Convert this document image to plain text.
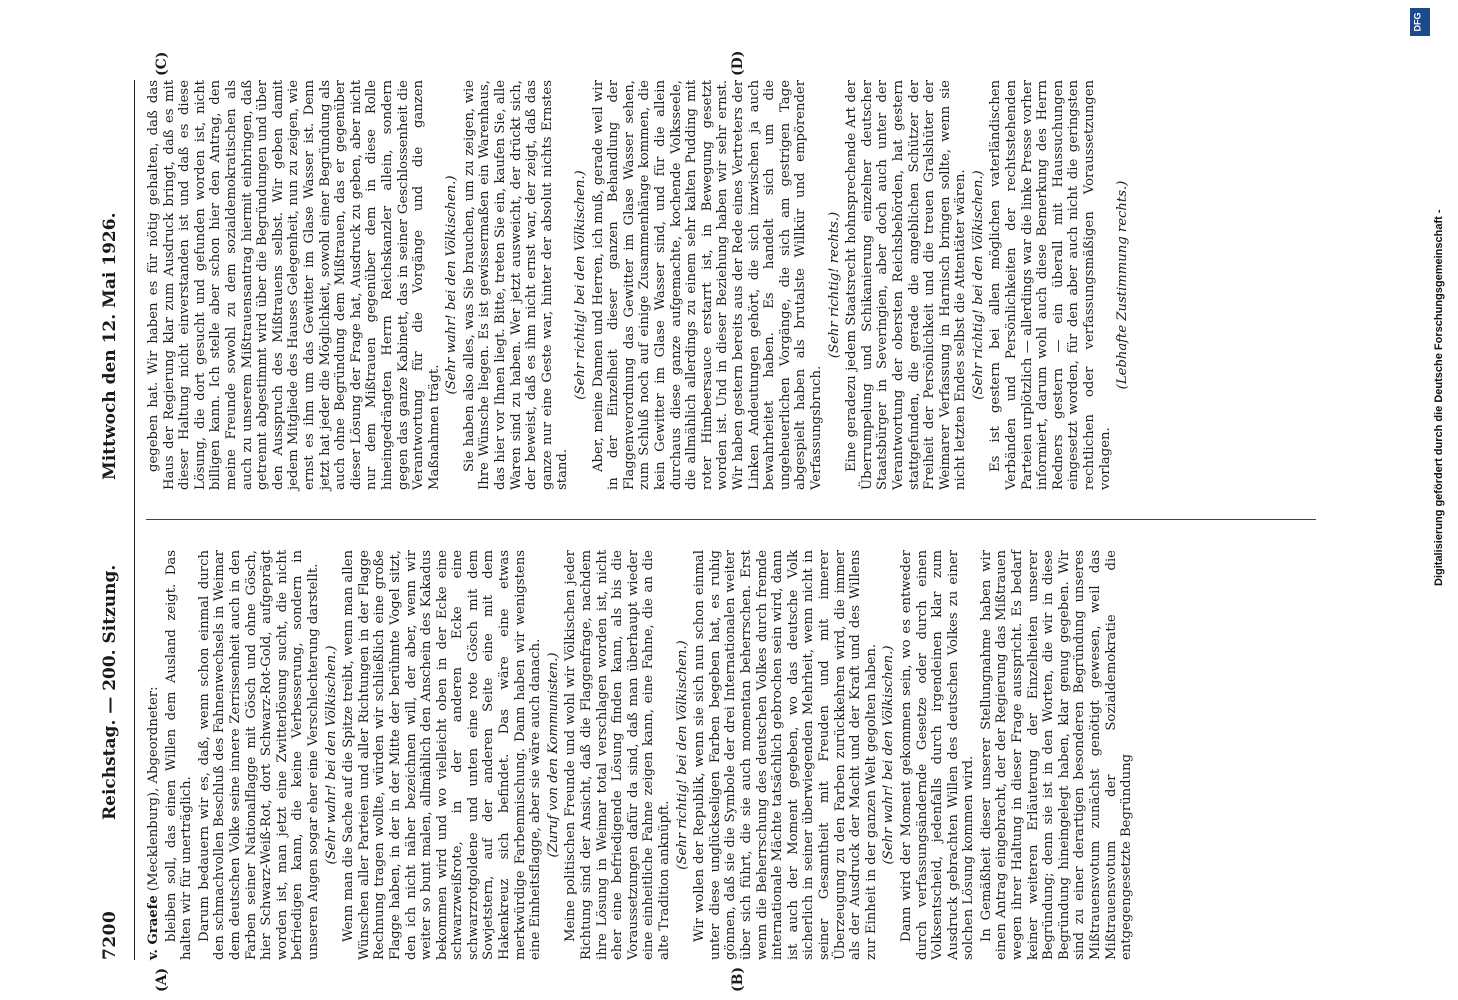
7200
Reichstag. — 200. Sitzung.
Mittwoch den 12. Mai 1926.
(A)	(B)
(C)	(D)

v. Graefe (Mecklenburg), Abgeordneter: bleiben soll, das einen Willen dem Ausland zeigt. Das halten wir für unerträglich. Darum bedauern wir es, daß, wenn schon einmal durch den schmachvollen Beschluß des Fahnenwechsels in Weimar dem deutschen Volke seine innere Zerrissenheit auch in den Farben seiner Nationalflagge mit Gösch und ohne Gösch, hier Schwarz-Weiß-Rot, dort Schwarz-Rot-Gold, aufgeprägt worden ist, man jetzt eine Zwitterlösung sucht, die nicht befriedigen kann, die keine Verbesserung, sondern in unseren Augen sogar eher eine Verschlechterung darstellt. (Sehr wahr! bei den Völkischen.) Wenn man die Sache auf die Spitze treibt, wenn man allen Wünschen aller Parteien und aller Richtungen in der Flagge Rechnung tragen wollte, würden wir schließlich eine große Flagge haben, in der in der Mitte der berühmte Vogel sitzt, den ich nicht näher bezeichnen will, der aber, wenn wir weiter so bunt malen, allmählich den Anschein des Kakadus bekommen wird und wo vielleicht oben in der Ecke eine schwarzweißrote, in der anderen Ecke eine schwarzrotgoldene und unten eine rote Gösch mit dem Sowjetstern, auf der anderen Seite eine mit dem Hakenkreuz sich befindet. Das wäre eine etwas merkwürdige Farbenmischung. Dann haben wir wenigstens eine Einheitsflagge, aber sie wäre auch danach. (Zuruf von den Kommunisten.) Meine politischen Freunde und wohl wir Völkischen jeder Richtung sind der Ansicht, daß die Flaggenfrage, nachdem ihre Lösung in Weimar total verschlagen worden ist, nicht eher eine befriedigende Lösung finden kann, als bis die Voraussetzungen dafür da sind, daß man überhaupt wieder eine einheitliche Fahne zeigen kann, eine Fahne, die an die alte Tradition anknüpft.

(Sehr richtig! bei den Völkischen.) Wir wollen der Republik, wenn sie sich nun schon einmal unter diese unglückseligen Farben begeben hat, es ruhig gönnen, daß sie die Symbole der drei Internationalen weiter über sich führt, die sie auch momentan beherrschen. Erst wenn die Beherrschung des deutschen Volkes durch fremde internationale Mächte tatsächlich gebrochen sein wird, dann ist auch der Moment gegeben, wo das deutsche Volk sicherlich in seiner überwiegenden Mehrheit, wenn nicht in seiner Gesamtheit mit Freuden und mit innerer Überzeugung zu den Farben zurückkehren wird, die immer als der Ausdruck der Macht und der Kraft und des Willens zur Einheit in der ganzen Welt gegolten haben. (Sehr wahr! bei den Völkischen.) Dann wird der Moment gekommen sein, wo es entweder durch verfassungsändernde Gesetze oder durch einen Volksentscheid, jedenfalls durch irgendeinen klar zum Ausdruck gebrachten Willen des deutschen Volkes zu einer solchen Lösung kommen wird. In Gemäßheit dieser unserer Stellungnahme haben wir einen Antrag eingebracht, der der Regierung das Mißtrauen wegen ihrer Haltung in dieser Frage ausspricht. Es bedarf keiner weiteren Erläuterung der Einzelheiten unserer Begründung; denn sie ist in den Worten, die wir in diese Begründung hineingelegt haben, klar genug gegeben. Wir sind zu einer derartigen besonderen Begründung unseres Mißtrauensvotum zunächst genötigt gewesen, weil das Mißtrauensvotum der Sozialdemokratie die entgegengesetzte Begründung

gegeben hat. Wir haben es für nötig gehalten, daß das Haus der Regierung klar zum Ausdruck bringt, daß es mit dieser Haltung nicht einverstanden ist und daß es diese Lösung, die dort gesucht und gefunden worden ist, nicht billigen kann. Ich stelle aber schon hier den Antrag, den meine Freunde sowohl zu dem sozialdemokratischen als auch zu unserem Mißtrauensantrag hiermit einbringen, daß getrennt abgestimmt wird über die Begründungen und über den Ausspruch des Mißtrauens selbst. Wir geben damit jedem Mitgliede des Hauses Gelegenheit, nun zu zeigen, wie ernst es ihm um das Gewitter im Glase Wasser ist. Denn jetzt hat jeder die Möglichkeit, sowohl einer Begründung als auch ohne Begründung dem Mißtrauen, das er gegenüber dieser Lösung der Frage hat, Ausdruck zu geben, aber nicht nur dem Mißtrauen gegenüber dem in diese Rolle hineingedrängten Herrn Reichskanzler allein, sondern gegen das ganze Kabinett, das in seiner Geschlossenheit die Verantwortung für die Vorgänge und die ganzen Maßnahmen trägt.

(Sehr wahr! bei den Völkischen.) Sie haben also alles, was Sie brauchen, um zu zeigen, wie Ihre Wünsche liegen. Es ist gewissermaßen ein Warenhaus, das hier vor Ihnen liegt. Bitte, treten Sie ein, kaufen Sie, alle Waren sind zu haben. Wer jetzt ausweicht, der drückt sich, der beweist, daß es ihm nicht ernst war, der zeigt, daß das ganze nur eine Geste war, hinter der absolut nichts Ernstes stand.

(Sehr richtig! bei den Völkischen.) Aber, meine Damen und Herren, ich muß, gerade weil wir in der Einzelheit dieser ganzen Behandlung der Flaggenverordnung das Gewitter im Glase Wasser sehen, zum Schluß noch auf einige Zusammenhänge kommen, die kein Gewitter im Glase Wasser sind, und für die allein durchaus diese ganze aufgemachte, kochende Volksseele, die allmählich allerdings zu einem sehr kalten Pudding mit roter Himbeersauce erstarrt ist, in Bewegung gesetzt worden ist. Und in dieser Beziehung haben wir sehr ernst. Wir haben gestern bereits aus der Rede eines Vertreters der Linken Andeutungen gehört, die sich inzwischen ja auch bewahrheitet haben. Es handelt sich um die ungeheuerlichen Vorgänge, die sich am gestrigen Tage abgespielt haben als brutalste Willkür und empörender Verfassungsbruch.

(Sehr richtig! rechts.) Eine geradezu jedem Staatsrecht hohnsprechende Art der Überrumpelung und Schikanierung einzelner deutscher Staatsbürger in Severingien, aber doch auch unter der Verantwortung der obersten Reichsbehörden, hat gestern stattgefunden, die gerade die angeblichen Schützer der Freiheit der Persönlichkeit und die treuen Gralshüter der Weimarer Verfassung in Harnisch bringen sollte, wenn sie nicht letzten Endes selbst die Attentäter wären. (Sehr richtig! bei den Völkischen.) Es ist gestern bei allen möglichen vaterländischen Verbänden und Persönlichkeiten der rechtsstehenden Parteien urplötzlich — allerdings war die linke Presse vorher informiert, darum wohl auch diese Bemerkung des Herrn Redners gestern — ein überall mit Haussuchungen eingesetzt worden, für den aber auch nicht die geringsten rechtlichen oder verfassungsmäßigen Voraussetzungen vorlagen.

(Lebhafte Zustimmung rechts.)

DFG
Digitalisierung gefördert durch die Deutsche Forschungsgemeinschaft -
